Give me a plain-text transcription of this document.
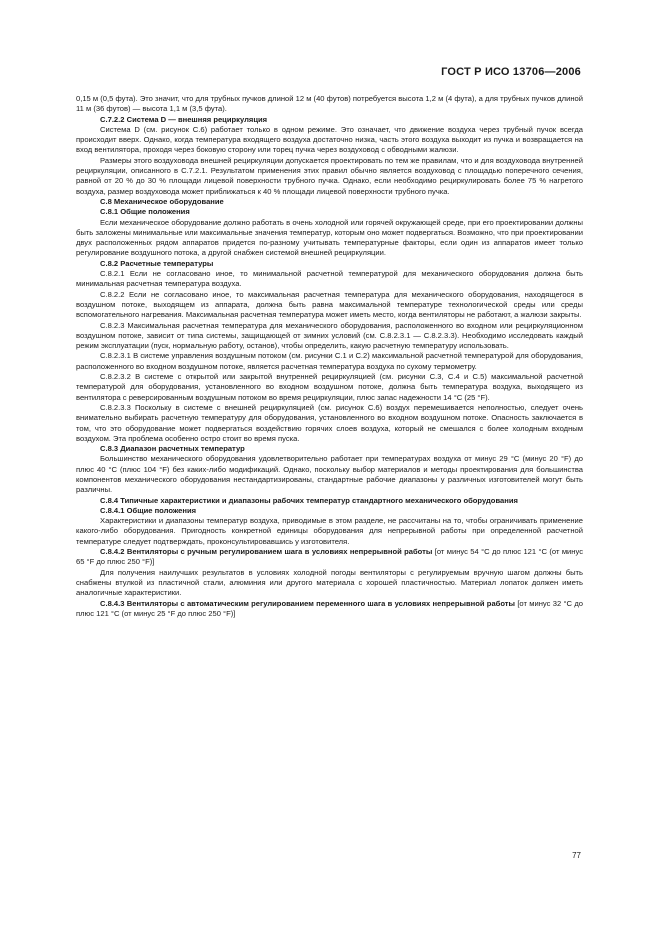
ГОСТ Р ИСО 13706—2006

0,15 м (0,5 фута). Это значит, что для трубных пучков длиной 12 м (40 футов) потребуется высота 1,2 м (4 фута), а для трубных пучков длиной 11 м (36 футов) — высота 1,1 м (3,5 фута).

С.7.2.2 Система D — внешняя рециркуляция

Система D (см. рисунок С.6) работает только в одном режиме. Это означает, что движение воздуха через трубный пучок всегда происходит вверх. Однако, когда температура входящего воздуха достаточно низка, часть этого воздуха выходит из пучка и возвращается на вход вентилятора, проходя через боковую сторону или торец пучка через воздуховод с обводными жалюзи.

Размеры этого воздуховода внешней рециркуляции допускается проектировать по тем же правилам, что и для воздуховода внутренней рециркуляции, описанного в С.7.2.1. Результатом применения этих правил обычно является воздуховод с площадью поперечного сечения, равной от 20 % до 30 % площади лицевой поверхности трубного пучка. Однако, если необходимо рециркулировать более 75 % нагретого воздуха, размер воздуховода может приближаться к 40 % площади лицевой поверхности трубного пучка.

С.8 Механическое оборудование

С.8.1 Общие положения

Если механическое оборудование должно работать в очень холодной или горячей окружающей среде, при его проектировании должны быть заложены минимальные или максимальные значения температур, которым оно может подвергаться. Возможно, что при проектировании двух расположенных рядом аппаратов придется по-разному учитывать температурные факторы, если один из аппаратов имеет только регулирование воздушного потока, а другой снабжен системой внешней рециркуляции.

С.8.2 Расчетные температуры

С.8.2.1 Если не согласовано иное, то минимальной расчетной температурой для механического оборудования должна быть минимальная расчетная температура воздуха.

С.8.2.2 Если не согласовано иное, то максимальная расчетная температура для механического оборудования, находящегося в воздушном потоке, выходящем из аппарата, должна быть равна максимальной температуре технологической среды или среды вспомогательного нагревания. Максимальная расчетная температура может иметь место, когда вентиляторы не работают, а жалюзи закрыты.

С.8.2.3 Максимальная расчетная температура для механического оборудования, расположенного во входном или рециркуляционном воздушном потоке, зависит от типа системы, защищающей от зимних условий (см. С.8.2.3.1 — С.8.2.3.3). Необходимо исследовать каждый режим эксплуатации (пуск, нормальную работу, останов), чтобы определить, какую расчетную температуру использовать.

С.8.2.3.1 В системе управления воздушным потоком (см. рисунки С.1 и С.2) максимальной расчетной температурой для оборудования, расположенного во входном воздушном потоке, является расчетная температура воздуха по сухому термометру.

С.8.2.3.2 В системе с открытой или закрытой внутренней рециркуляцией (см. рисунки С.3, С.4 и С.5) максимальной расчетной температурой для оборудования, установленного во входном воздушном потоке, должна быть температура воздуха, выходящего из вентилятора с реверсированным воздушным потоком во время рециркуляции, плюс запас надежности 14 °С (25 °F).

С.8.2.3.3 Поскольку в системе с внешней рециркуляцией (см. рисунок С.6) воздух перемешивается неполностью, следует очень внимательно выбирать расчетную температуру для оборудования, установленного во входном воздушном потоке. Опасность заключается в том, что это оборудование может подвергаться воздействию горячих слоев воздуха, который не смешался с более холодным входным воздухом. Эта проблема особенно остро стоит во время пуска.

С.8.3 Диапазон расчетных температур

Большинство механического оборудования удовлетворительно работает при температурах воздуха от минус 29 °С (минус 20 °F) до плюс 40 °С (плюс 104 °F) без каких-либо модификаций. Однако, поскольку выбор материалов и методы проектирования для большинства компонентов механического оборудования нестандартизированы, стандартные рабочие диапазоны у различных изготовителей могут быть различны.

С.8.4 Типичные характеристики и диапазоны рабочих температур стандартного механического оборудования

С.8.4.1 Общие положения

Характеристики и диапазоны температур воздуха, приводимые в этом разделе, не рассчитаны на то, чтобы ограничивать применение какого-либо оборудования. Пригодность конкретной единицы оборудования для непрерывной работы при определенной расчетной температуре следует подтверждать, проконсультировавшись у изготовителя.

С.8.4.2 Вентиляторы с ручным регулированием шага в условиях непрерывной работы [от минус 54 °С до плюс 121 °С (от минус 65 °F до плюс 250 °F)]

Для получения наилучших результатов в условиях холодной погоды вентиляторы с регулируемым вручную шагом должны быть снабжены втулкой из пластичной стали, алюминия или другого материала с хорошей пластичностью. Материал лопаток должен иметь аналогичные характеристики.

С.8.4.3 Вентиляторы с автоматическим регулированием переменного шага в условиях непрерывной работы [от минус 32 °С до плюс 121 °С (от минус 25 °F до плюс 250 °F)]

77
